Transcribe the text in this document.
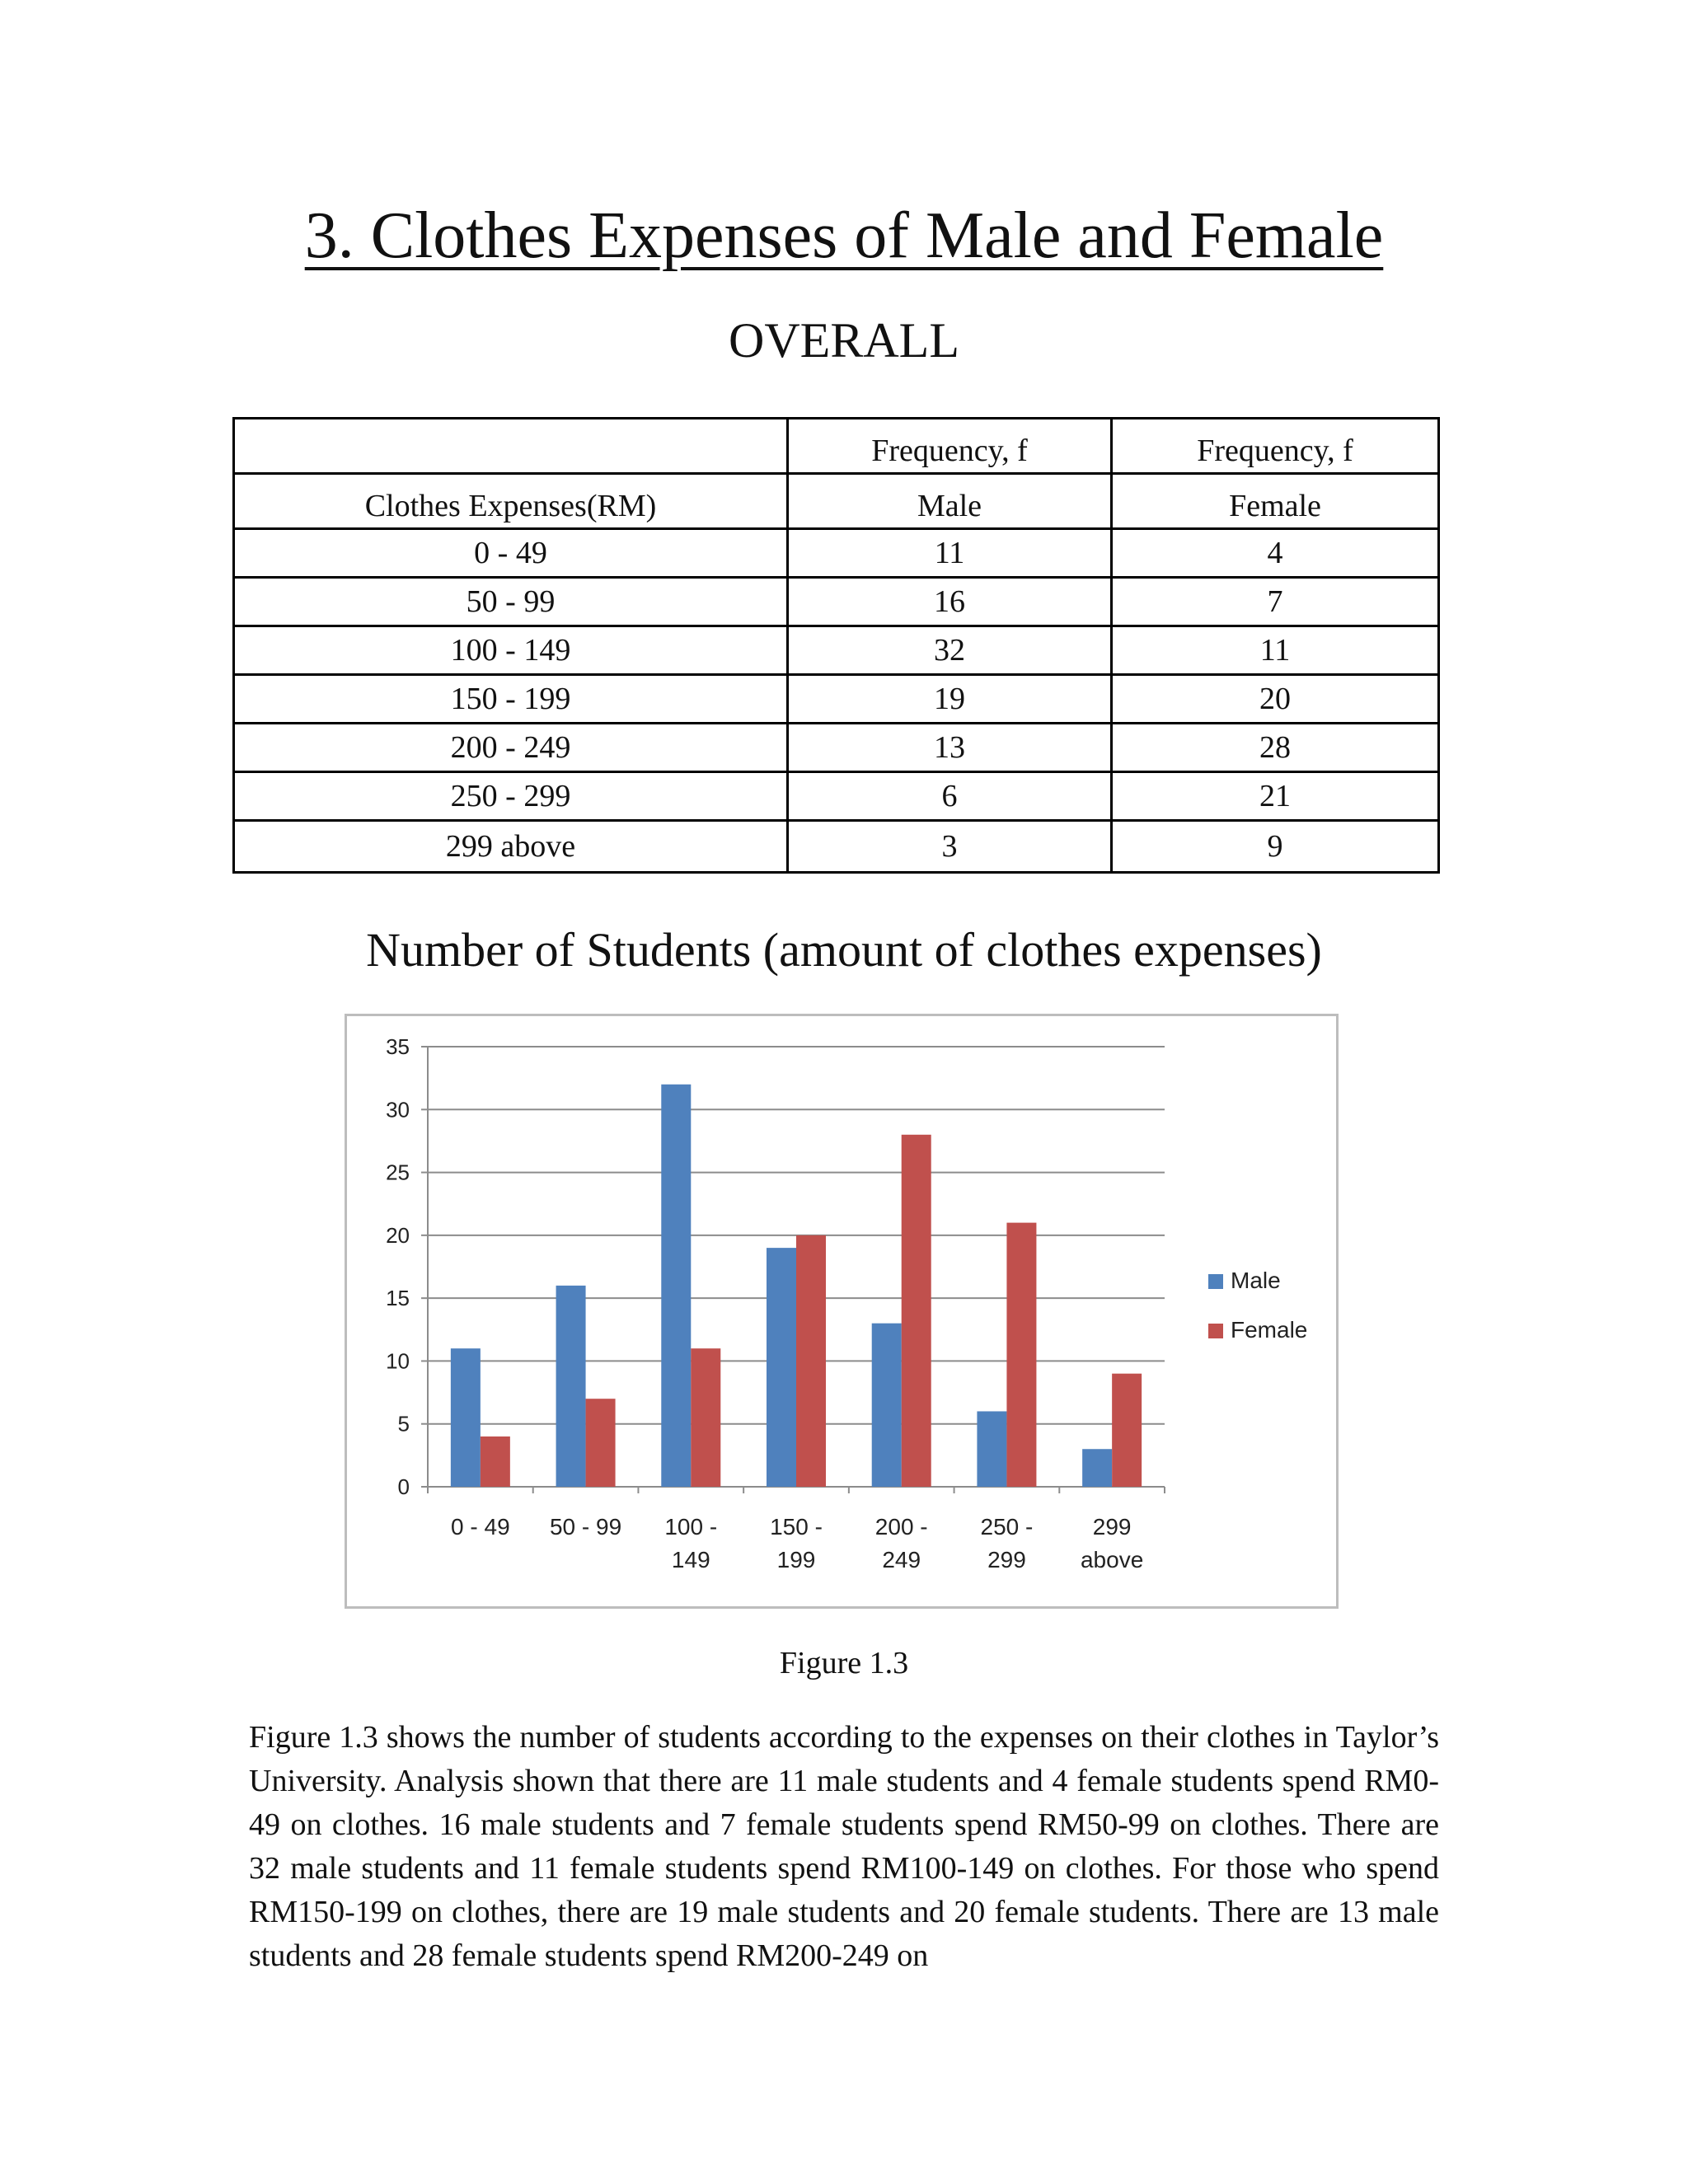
3. Clothes Expenses of Male and Female
OVERALL
	Frequency, f	Frequency, f
Clothes Expenses(RM)	Male	Female
0 - 49	11	4
50 - 99	16	7
100 - 149	32	11
150 - 199	19	20
200 - 249	13	28
250 - 299	6	21
299 above	3	9
Number of Students (amount of clothes expenses)
0
5
10
15
20
25
30
35
0 - 49 50 - 99 100 -
149
150 -
199
200 -
249
250 -
299
299
above
Male
Female
Figure 1.3
Figure 1.3 shows the number of students according to the expenses on their clothes in Taylor’s University. Analysis shown that there are 11 male students and 4 female students spend RM0-49 on clothes. 16 male students and 7 female students spend RM50-99 on clothes. There are 32 male students and 11 female students spend RM100-149 on clothes. For those who spend RM150-199 on clothes, there are 19 male students and 20 female students. There are 13 male students and 28 female students spend RM200-249 on
